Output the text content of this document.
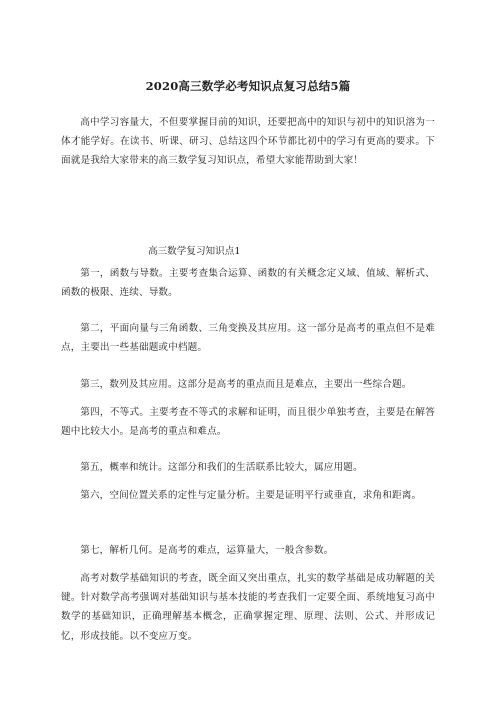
2020高三数学必考知识点复习总结5篇

高中学习容量大，不但要掌握目前的知识，还要把高中的知识与初中的知识溶为一体才能学好。在读书、听课、研习、总结这四个环节都比初中的学习有更高的要求。下面就是我给大家带来的高三数学复习知识点，希望大家能帮助到大家！

高三数学复习知识点1

第一，函数与导数。主要考查集合运算、函数的有关概念定义域、值域、解析式、函数的极限、连续、导数。

第二，平面向量与三角函数、三角变换及其应用。这一部分是高考的重点但不是难点，主要出一些基础题或中档题。

第三，数列及其应用。这部分是高考的重点而且是难点，主要出一些综合题。

第四，不等式。主要考查不等式的求解和证明，而且很少单独考查，主要是在解答题中比较大小。是高考的重点和难点。

第五，概率和统计。这部分和我们的生活联系比较大，属应用题。

第六，空间位置关系的定性与定量分析。主要是证明平行或垂直，求角和距离。

第七，解析几何。是高考的难点，运算量大，一般含参数。

高考对数学基础知识的考查，既全面又突出重点，扎实的数学基础是成功解题的关键。针对数学高考强调对基础知识与基本技能的考查我们一定要全面、系统地复习高中数学的基础知识，正确理解基本概念，正确掌握定理、原理、法则、公式、并形成记忆，形成技能。以不变应万变。
